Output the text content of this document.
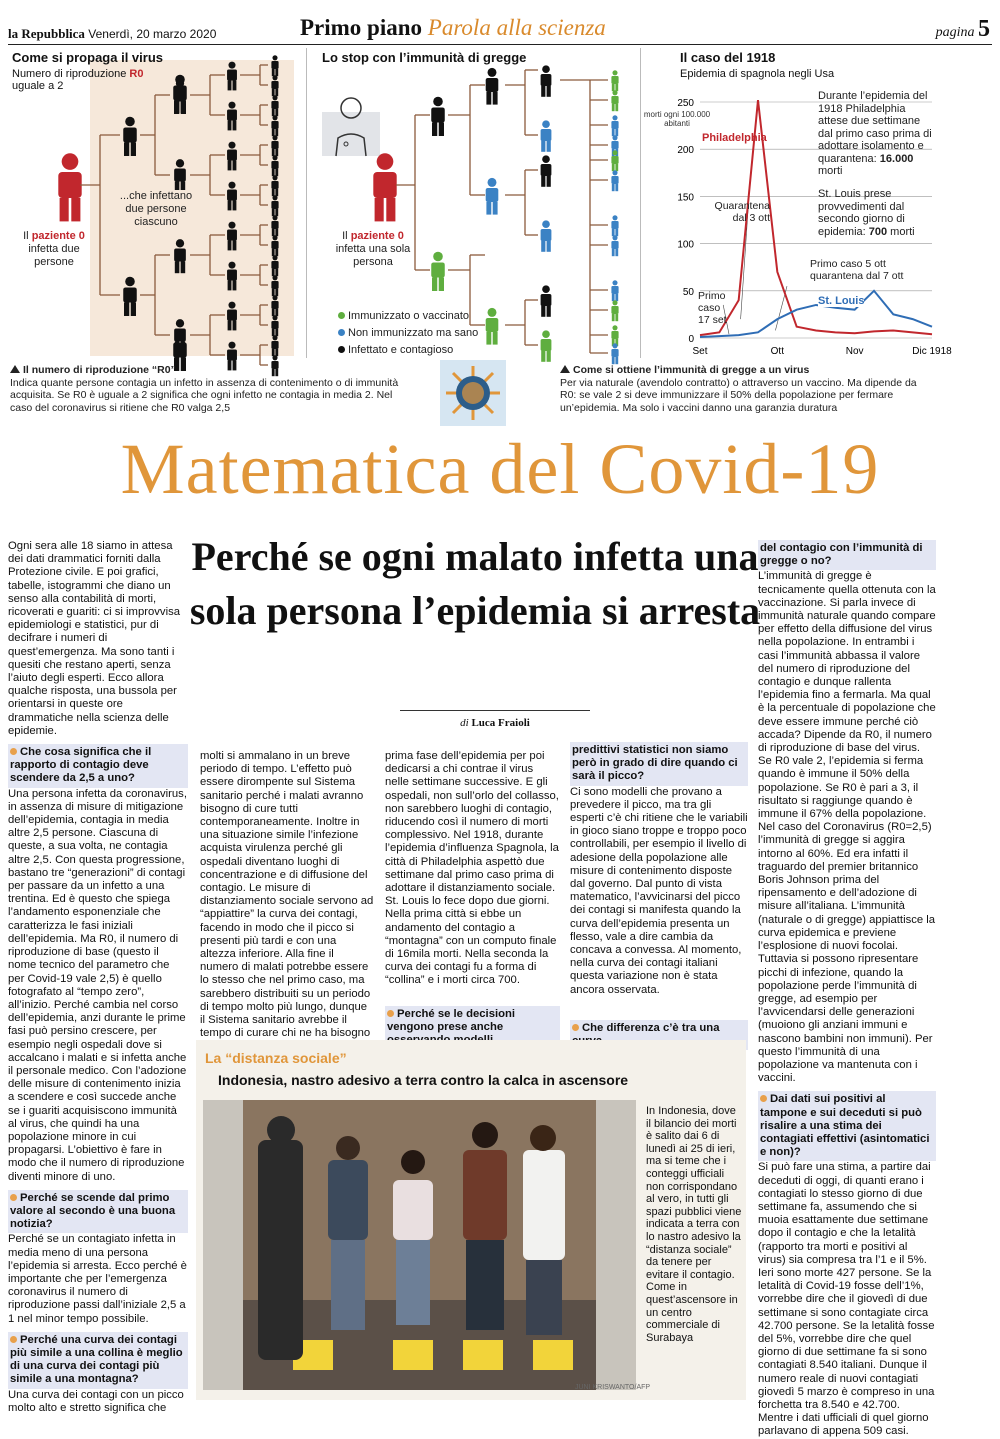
la Repubblica Venerdì, 20 marzo 2020	Primo piano Parola alla scienza	pagina 5
Come si propaga il virus
Numero di riproduzione R0
uguale a 2
...che infettano due persone ciascuno
Il paziente 0
infetta due persone
Lo stop con l’immunità di gregge
Il paziente 0
infetta una sola persona
Immunizzato o vaccinato
Non immunizzato ma sano
Infettato e contagioso
Il caso del 1918
Epidemia di spagnola negli Usa
morti ogni 100.000 abitanti
0
50
100
150
200
250
Set	Ott	Nov	Dic 1918
Philadelphia
St. Louis
Durante l’epidemia del 1918 Philadelphia attese due settimane dal primo caso prima di adottare isolamento e quarantena: 16.000 morti
St. Louis prese provvedimenti dal secondo giorno di epidemia: 700 morti
Quarantena dal 3 ott
Primo caso 5 ott quarantena dal 7 ott
Primo caso 17 set
Il numero di riproduzione “R0”
Indica quante persone contagia un infetto in assenza di contenimento o di immunità acquisita. Se R0 è uguale a 2 significa che ogni infetto ne contagia in media 2. Nel caso del coronavirus si ritiene che R0 valga 2,5
Come si ottiene l’immunità di gregge a un virus
Per via naturale (avendolo contratto) o attraverso un vaccino. Ma dipende da R0: se vale 2 si deve immunizzare il 50% della popolazione per fermare un’epidemia. Ma solo i vaccini danno una garanzia duratura
Matematica del Covid-19
Perché se ogni malato infetta una sola persona l’epidemia si arresta
di Luca Fraioli

Ogni sera alle 18 siamo in attesa dei dati drammatici forniti dalla Protezione civile. E poi grafici, tabelle, istogrammi che diano un senso alla contabilità di morti, ricoverati e guariti: ci si improvvisa epidemiologi e statistici, pur di decifrare i numeri di quest’emergenza. Ma sono tanti i quesiti che restano aperti, senza l’aiuto degli esperti. Ecco allora qualche risposta, una bussola per orientarsi in queste ore drammatiche nella scienza delle epidemie.

Che cosa significa che il rapporto di contagio deve scendere da 2,5 a uno?

Una persona infetta da coronavirus, in assenza di misure di mitigazione dell’epidemia, contagia in media altre 2,5 persone. Ciascuna di queste, a sua volta, ne contagia altre 2,5. Con questa progressione, bastano tre “generazioni” di contagi per passare da un infetto a una trentina. Ed è questo che spiega l’andamento esponenziale che caratterizza le fasi iniziali dell’epidemia. Ma R0, il numero di riproduzione di base (questo il nome tecnico del parametro che per Covid-19 vale 2,5) è quello fotografato al “tempo zero”, all’inizio. Perché cambia nel corso dell’epidemia, anzi durante le prime fasi può persino crescere, per esempio negli ospedali dove si accalcano i malati e si infetta anche il personale medico. Con l’adozione delle misure di contenimento inizia a scendere e così succede anche se i guariti acquisiscono immunità al virus, che quindi ha una popolazione minore in cui propagarsi. L’obiettivo è fare in modo che il numero di riproduzione diventi minore di uno.

Perché se scende dal primo valore al secondo è una buona notizia?

Perché se un contagiato infetta in media meno di una persona l’epidemia si arresta. Ecco perché è importante che per l’emergenza coronavirus il numero di riproduzione passi dall’iniziale 2,5 a 1 nel minor tempo possibile.

Perché una curva dei contagi più simile a una collina è meglio di una curva dei contagi più simile a una montagna?

Una curva dei contagi con un picco molto alto e stretto significa che

molti si ammalano in un breve periodo di tempo. L’effetto può essere dirompente sul Sistema sanitario perché i malati avranno bisogno di cure tutti contemporaneamente. Inoltre in una situazione simile l’infezione acquista virulenza perché gli ospedali diventano luoghi di concentrazione e di diffusione del contagio. Le misure di distanziamento sociale servono ad “appiattire” la curva dei contagi, facendo in modo che il picco si presenti più tardi e con una altezza inferiore. Alla fine il numero di malati potrebbe essere lo stesso che nel primo caso, ma sarebbero distribuiti su un periodo di tempo molto più lungo, dunque il Sistema sanitario avrebbe il tempo di curare chi ne ha bisogno

prima fase dell’epidemia per poi dedicarsi a chi contrae il virus nelle settimane successive. E gli ospedali, non sull’orlo del collasso, non sarebbero luoghi di contagio, riducendo così il numero di morti complessivo. Nel 1918, durante l’epidemia d’influenza Spagnola, la città di Philadelphia aspettò due settimane dal primo caso prima di adottare il distanziamento sociale. St. Louis lo fece dopo due giorni. Nella prima città si ebbe un andamento del contagio a “montagna” con un computo finale di 16mila morti. Nella seconda la curva dei contagi fu a forma di “collina” e i morti circa 700.

Perché se le decisioni vengono prese anche
predittivi statistici non siamo però in grado di dire quando ci sarà il picco?

Ci sono modelli che provano a prevedere il picco, ma tra gli esperti c’è chi ritiene che le variabili in gioco siano troppe e troppo poco controllabili, per esempio il livello di adesione della popolazione alle misure di contenimento disposte dal governo. Dal punto di vista matematico, l’avvicinarsi del picco dei contagi si manifesta quando la curva dell’epidemia presenta un flesso, vale a dire cambia da concava a convessa. Al momento, nella curva dei contagi italiani questa variazione non è stata ancora osservata.

Che differenza c’è tra una
del contagio con l’immunità di gregge o no?

L’immunità di gregge è tecnicamente quella ottenuta con la vaccinazione. Si parla invece di immunità naturale quando compare per effetto della diffusione del virus nella popolazione. In entrambi i casi l’immunità abbassa il valore del numero di riproduzione del contagio e dunque rallenta l’epidemia fino a fermarla. Ma qual è la percentuale di popolazione che deve essere immune perché ciò accada? Dipende da R0, il numero di riproduzione di base del virus. Se R0 vale 2, l’epidemia si ferma quando è immune il 50% della popolazione. Se R0 è pari a 3, il risultato si raggiunge quando è immune il 67% della popolazione. Nel caso del Coronavirus (R0=2,5) l’immunità di gregge si aggira intorno al 60%. Ed era infatti il traguardo del premier britannico Boris Johnson prima del ripensamento e dell’adozione di misure all’italiana. L’immunità (naturale o di gregge) appiattisce la curva epidemica e previene l’esplosione di nuovi focolai. Tuttavia si possono ripresentare picchi di infezione, quando la popolazione perde l’immunità di gregge, ad esempio per l’avvicendarsi delle generazioni (muoiono gli anziani immuni e nascono bambini non immuni). Per questo l’immunità di una popolazione va mantenuta con i vaccini.

Dai dati sui positivi al tampone e sui deceduti si può risalire a una stima dei contagiati effettivi (asintomatici e non)?

Si può fare una stima, a partire dai deceduti di oggi, di quanti erano i contagiati lo stesso giorno di due settimane fa, assumendo che si muoia esattamente due settimane dopo il contagio e che la letalità (rapporto tra morti e positivi al virus) sia compresa tra l’1 e il 5%. Ieri sono morte 427 persone. Se la letalità di Covid-19 fosse dell’1%, vorrebbe dire che il giovedì di due settimane si sono contagiate circa 42.700 persone. Se la letalità fosse del 5%, vorrebbe dire che quel giorno di due settimane fa si sono contagiati 8.540 italiani. Dunque il numero reale di nuovi contagiati giovedì 5 marzo è compreso in una forchetta tra 8.540 e 42.700. Mentre i dati ufficiali di quel giorno parlavano di appena 509 casi.

La “distanza sociale”
Indonesia, nastro adesivo a terra contro la calca in ascensore
JUNI KRISWANTO/AFP
In Indonesia, dove il bilancio dei morti è salito dai 6 di lunedì ai 25 di ieri, ma si teme che i conteggi ufficiali non corrispondano al vero, in tutti gli spazi pubblici viene indicata a terra con lo nastro adesivo la “distanza sociale” da tenere per evitare il contagio. Come in quest’ascensore in un centro commerciale di Surabaya
